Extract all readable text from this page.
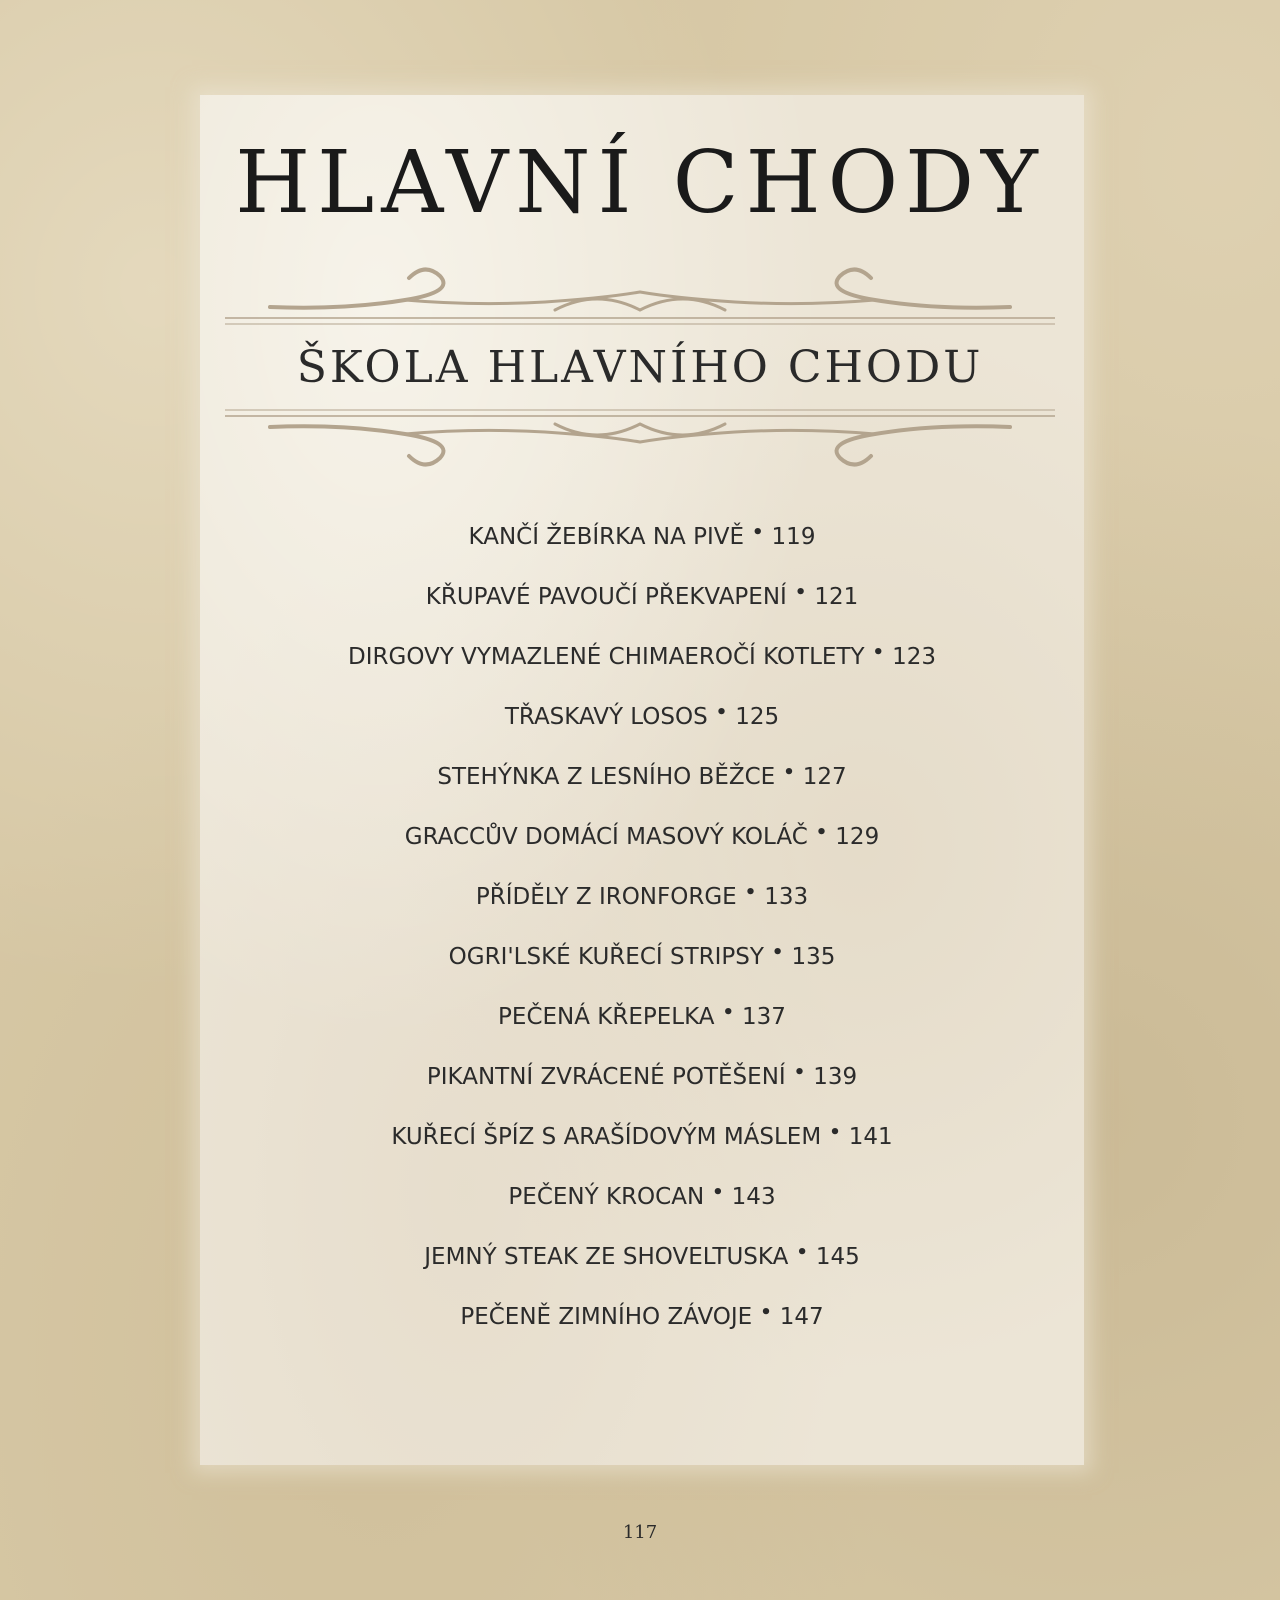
HLAVNÍ CHODY
ŠKOLA HLAVNÍHO CHODU
KANČÍ ŽEBÍRKA NA PIVĚ • 119
KŘUPAVÉ PAVOUČÍ PŘEKVAPENÍ • 121
DIRGOVY VYMAZLENÉ CHIMAEROČÍ KOTLETY • 123
TŘASKAVÝ LOSOS • 125
STEHÝNKA Z LESNÍHO BĚŽCE • 127
GRACCŮV DOMÁCÍ MASOVÝ KOLÁČ • 129
PŘÍDĚLY Z IRONFORGE • 133
OGRI'LSKÉ KUŘECÍ STRIPSY • 135
PEČENÁ KŘEPELKA • 137
PIKANTNÍ ZVRÁCENÉ POTĚŠENÍ • 139
KUŘECÍ ŠPÍZ S ARAŠÍDOVÝM MÁSLEM • 141
PEČENÝ KROCAN • 143
JEMNÝ STEAK ZE SHOVELTUSKA • 145
PEČENĚ ZIMNÍHO ZÁVOJE • 147
117
